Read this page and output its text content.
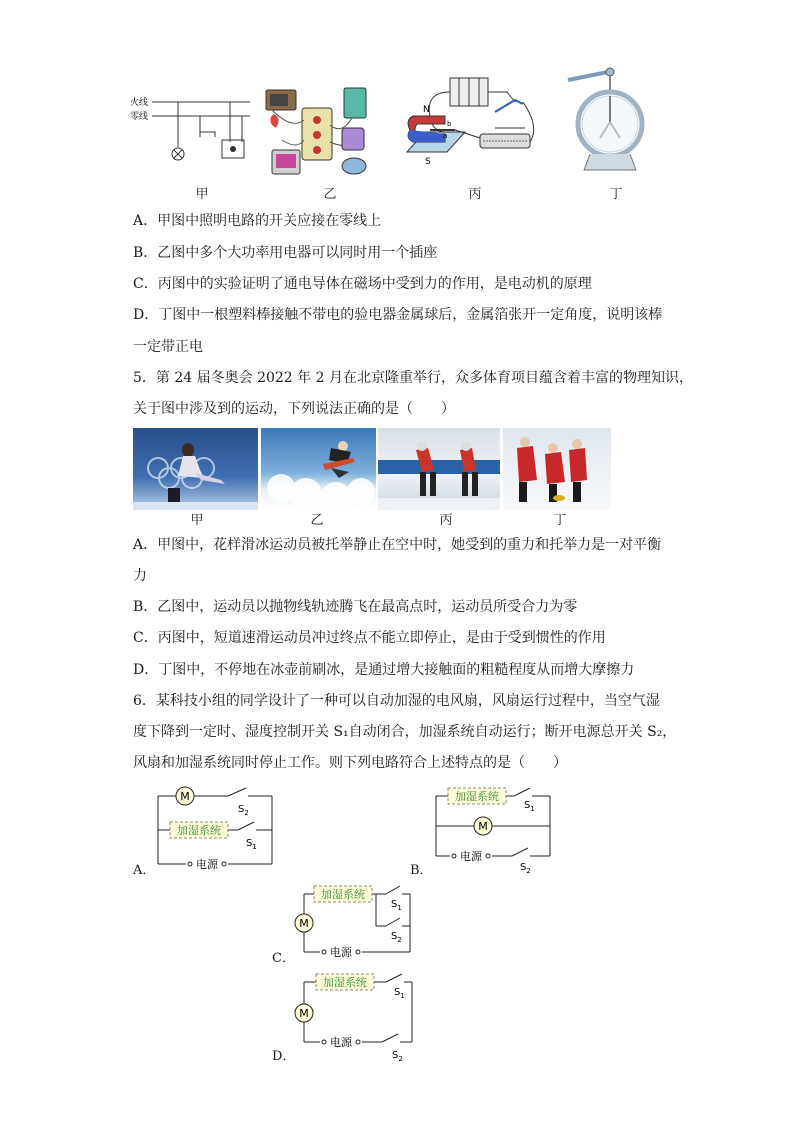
火线
零线
甲	乙
N
S
a
b
丙	丁
A．甲图中照明电路的开关应接在零线上
B．乙图中多个大功率用电器可以同时用一个插座
C．丙图中的实验证明了通电导体在磁场中受到力的作用，是电动机的原理
D．丁图中一根塑料棒接触不带电的验电器金属球后，金属箔张开一定角度，说明该棒
一定带正电
5．第 24 届冬奥会 2022 年 2 月在北京隆重举行，众多体育项目蕴含着丰富的物理知识，
关于图中涉及到的运动，下列说法正确的是（　　）
甲	乙	丙	丁
A．甲图中，花样滑冰运动员被托举静止在空中时，她受到的重力和托举力是一对平衡
力
B．乙图中，运动员以抛物线轨迹腾飞在最高点时，运动员所受合力为零
C．丙图中，短道速滑运动员冲过终点不能立即停止，是由于受到惯性的作用
D．丁图中，不停地在冰壶前刷冰，是通过增大接触面的粗糙程度从而增大摩擦力
6．某科技小组的同学设计了一种可以自动加湿的电风扇，风扇运行过程中，当空气湿
度下降到一定时、湿度控制开关 S₁自动闭合，加湿系统自动运行；断开电源总开关 S₂，
风扇和加湿系统同时停止工作。则下列电路符合上述特点的是（　　）
A．
M
加湿系统
电源
$S_2$
$S_1$
B．
加湿系统
M
电源
$S_1$
$S_2$
C．
加湿系统
M
电源
$S_1$
$S_2$
D．
加湿系统
M
电源
$S_1$
$S_2$
